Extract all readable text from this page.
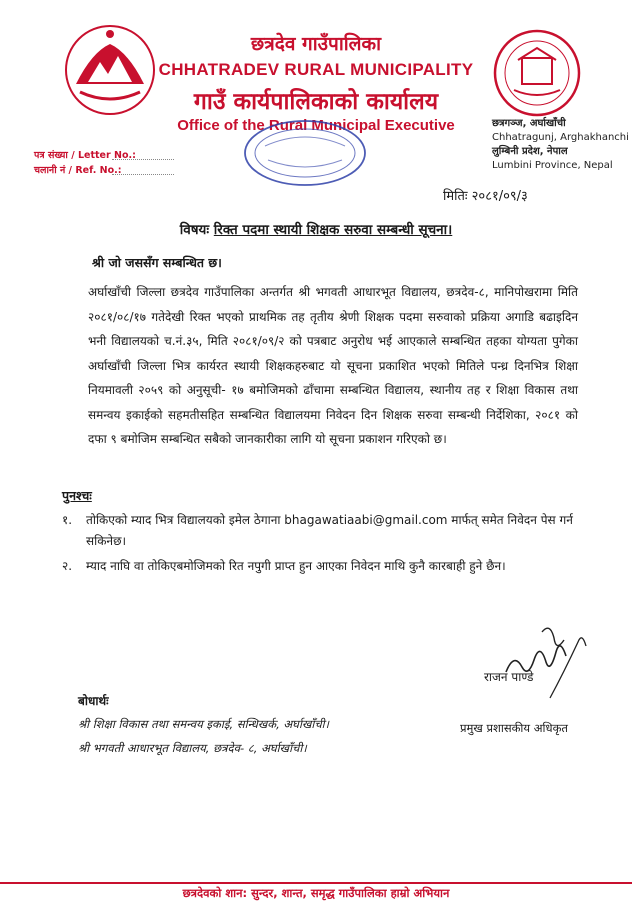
छत्रदेव गाउँपालिका
CHHATRADEV RURAL MUNICIPALITY
गाउँ कार्यपालिकाको कार्यालय
Office of the Rural Municipal Executive	छत्रगञ्ज, अर्घाखाँची
Chhatragunj, Arghakhanchi
लुम्बिनी प्रदेश, नेपाल
Lumbini Province, Nepal
पत्र संख्या / Letter No.:
चलानी नं / Ref. No.:
मितिः २०८१/०९/३
विषयः रिक्त पदमा स्थायी शिक्षक सरुवा सम्बन्धी सूचना।
श्री जो जससँग सम्बन्धित छ।
अर्घाखाँची जिल्ला छत्रदेव गाउँपालिका अन्तर्गत श्री भगवती आधारभूत विद्यालय, छत्रदेव-८, मानिपोखरामा मिति २०८१/०८/१७ गतेदेखी रिक्त भएको प्राथमिक तह तृतीय श्रेणी शिक्षक पदमा सरुवाको प्रक्रिया अगाडि बढाइदिन भनी विद्यालयको च.नं.३५, मिति २०८१/०९/२ को पत्रबाट अनुरोध भई आएकाले सम्बन्धित तहका योग्यता पुगेका अर्घाखाँची जिल्ला भित्र कार्यरत स्थायी शिक्षकहरुबाट यो सूचना प्रकाशित भएको मितिले पन्ध्र दिनभित्र शिक्षा नियमावली २०५९ को अनुसूची- १७ बमोजिमको ढाँचामा सम्बन्धित विद्यालय, स्थानीय तह र शिक्षा विकास तथा समन्वय इकाईको सहमतीसहित सम्बन्धित विद्यालयमा निवेदन दिन शिक्षक सरुवा सम्बन्धी निर्देशिका, २०८१ को दफा ९ बमोजिम सम्बन्धित सबैको जानकारीका लागि यो सूचना प्रकाशन गरिएको छ।
पुनश्चः
१.	तोकिएको म्याद भित्र विद्यालयको इमेल ठेगाना bhagawatiaabi@gmail.com मार्फत् समेत निवेदन पेस गर्न सकिनेछ।
२.	म्याद नाघि वा तोकिएबमोजिमको रित नपुगी प्राप्त हुन आएका निवेदन माथि कुनै कारबाही हुने छैन।
राजन पाण्डे
प्रमुख प्रशासकीय अधिकृत
बोधार्थः
श्री शिक्षा विकास तथा समन्वय इकाई, सन्धिखर्क, अर्घाखाँची।
श्री भगवती आधारभूत विद्यालय, छत्रदेव- ८, अर्घाखाँची।
छत्रदेवको शान: सुन्दर, शान्त, समृद्ध गाउँपालिका हाम्रो अभियान
